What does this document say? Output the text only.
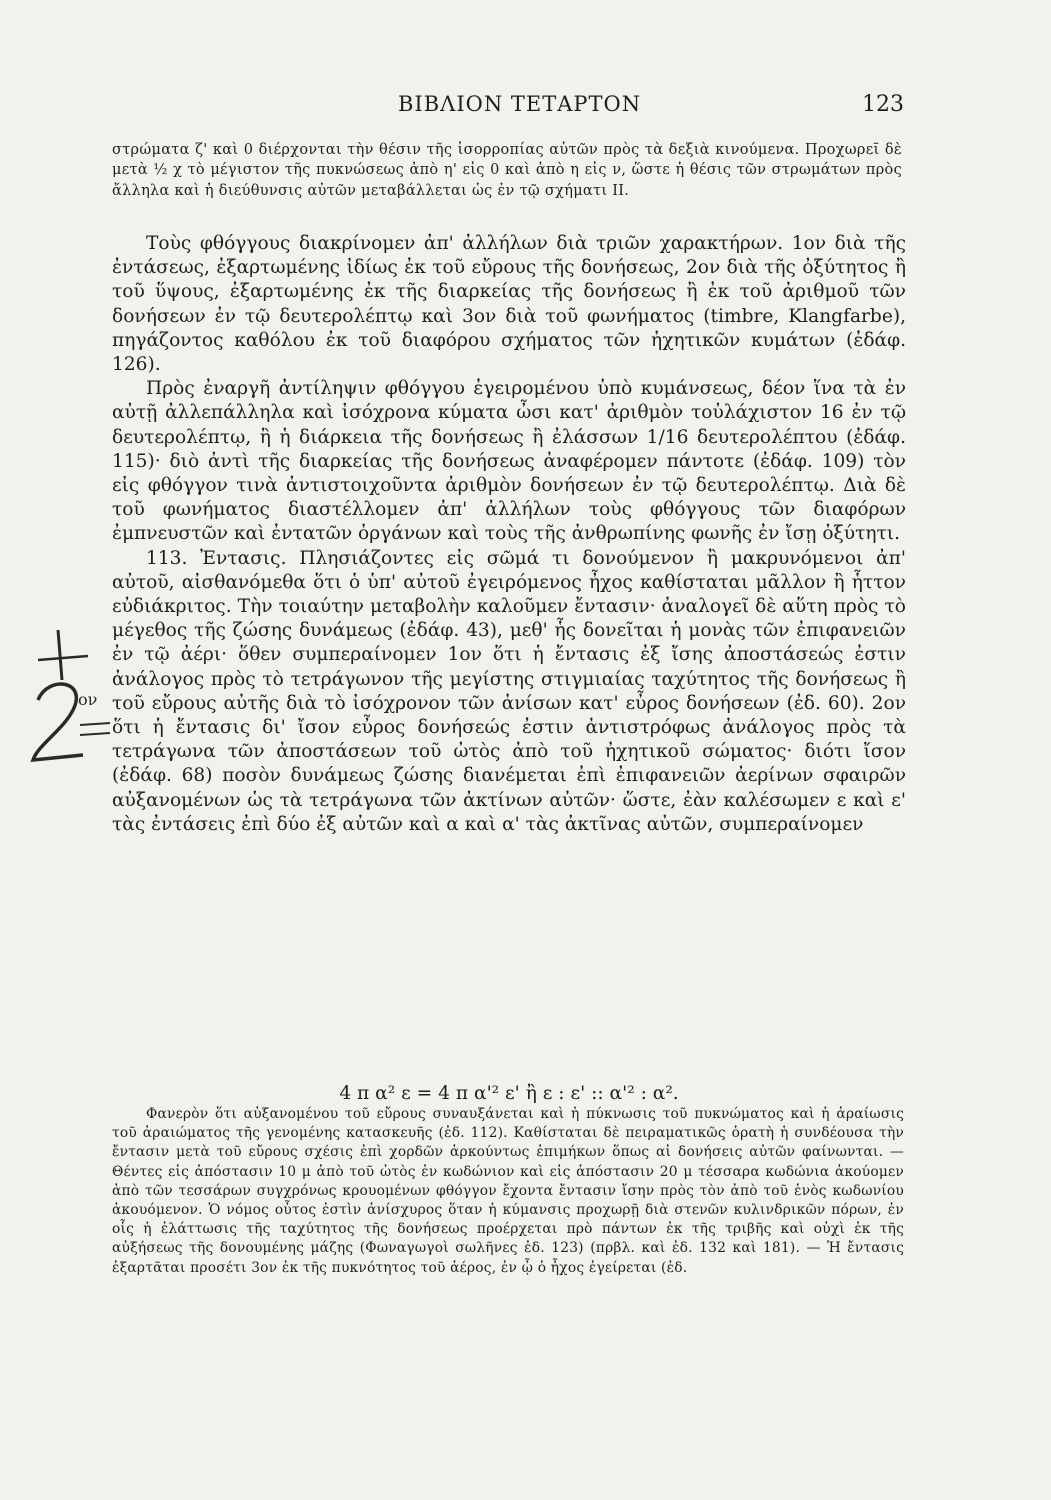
ΒΙΒΛΙΟΝ ΤΕΤΑΡΤΟΝ	123
στρώματα ζ' καὶ 0 διέρχονται τὴν θέσιν τῆς ἰσορροπίας αὐτῶν πρὸς τὰ δεξιὰ κινούμενα. Προχωρεῖ δὲ μετὰ ½ χ τὸ μέγιστον τῆς πυκνώσεως ἀπὸ η' εἰς 0 καὶ ἀπὸ η εἰς ν, ὥστε ἡ θέσις τῶν στρωμάτων πρὸς ἄλληλα καὶ ἡ διεύθυνσις αὐτῶν μεταβάλλεται ὡς ἐν τῷ σχήματι II.

Τοὺς φθόγγους διακρίνομεν ἀπ' ἀλλήλων διὰ τριῶν χαρακτήρων. 1ον διὰ τῆς ἐντάσεως, ἐξαρτωμένης ἰδίως ἐκ τοῦ εὔρους τῆς δονήσεως, 2ον διὰ τῆς ὀξύτητος ἢ τοῦ ὕψους, ἐξαρτωμένης ἐκ τῆς διαρκείας τῆς δονήσεως ἢ ἐκ τοῦ ἀριθμοῦ τῶν δονήσεων ἐν τῷ δευτερολέπτῳ καὶ 3ον διὰ τοῦ φωνήματος (timbre, Klangfarbe), πηγάζοντος καθόλου ἐκ τοῦ διαφόρου σχήματος τῶν ἠχητικῶν κυμάτων (ἐδάφ. 126).

Πρὸς ἐναργῆ ἀντίληψιν φθόγγου ἐγειρομένου ὑπὸ κυμάνσεως, δέον ἵνα τὰ ἐν αὐτῇ ἀλλεπάλληλα καὶ ἰσόχρονα κύματα ὦσι κατ' ἀριθμὸν τοὐλάχιστον 16 ἐν τῷ δευτερολέπτῳ, ἢ ἡ διάρκεια τῆς δονήσεως ἢ ἐλάσσων 1/16 δευτερολέπτου (ἐδάφ. 115)· διὸ ἀντὶ τῆς διαρκείας τῆς δονήσεως ἀναφέρομεν πάντοτε (ἐδάφ. 109) τὸν εἰς φθόγγον τινὰ ἀντιστοιχοῦντα ἀριθμὸν δονήσεων ἐν τῷ δευτερολέπτῳ. Διὰ δὲ τοῦ φωνήματος διαστέλλομεν ἀπ' ἀλλήλων τοὺς φθόγγους τῶν διαφόρων ἐμπνευστῶν καὶ ἐντατῶν ὀργάνων καὶ τοὺς τῆς ἀνθρωπίνης φωνῆς ἐν ἴσῃ ὀξύτητι.

113. Ἐντασις. Πλησιάζοντες εἰς σῶμά τι δονούμενον ἢ μακρυνόμενοι ἀπ' αὐτοῦ, αἰσθανόμεθα ὅτι ὁ ὑπ' αὐτοῦ ἐγειρόμενος ἦχος καθίσταται μᾶλλον ἢ ἧττον εὐδιάκριτος. Τὴν τοιαύτην μεταβολὴν καλοῦμεν ἔντασιν· ἀναλογεῖ δὲ αὕτη πρὸς τὸ μέγεθος τῆς ζώσης δυνάμεως (ἐδάφ. 43), μεθ' ἧς δονεῖται ἡ μονὰς τῶν ἐπιφανειῶν ἐν τῷ ἀέρι· ὅθεν συμπεραίνομεν 1ον ὅτι ἡ ἔντασις ἐξ ἴσης ἀποστάσεώς ἐστιν ἀνάλογος πρὸς τὸ τετράγωνον τῆς μεγίστης στιγμιαίας ταχύτητος τῆς δονήσεως ἢ τοῦ εὔρους αὐτῆς διὰ τὸ ἰσόχρονον τῶν ἀνίσων κατ' εὖρος δονήσεων (ἐδ. 60). 2ον ὅτι ἡ ἔντασις δι' ἴσον εὖρος δονήσεώς ἐστιν ἀντιστρόφως ἀνάλογος πρὸς τὰ τετράγωνα τῶν ἀποστάσεων τοῦ ὠτὸς ἀπὸ τοῦ ἠχητικοῦ σώματος· διότι ἴσον (ἐδάφ. 68) ποσὸν δυνάμεως ζώσης διανέμεται ἐπὶ ἐπιφανειῶν ἀερίνων σφαιρῶν αὐξανομένων ὡς τὰ τετράγωνα τῶν ἀκτίνων αὐτῶν· ὥστε, ἐὰν καλέσωμεν ε καὶ ε' τὰς ἐντάσεις ἐπὶ δύο ἐξ αὐτῶν καὶ α καὶ α' τὰς ἀκτῖνας αὐτῶν, συμπεραίνομεν

4 π α² ε = 4 π α'² ε' ἢ ε : ε' :: α'² : α².
Φανερὸν ὅτι αὐξανομένου τοῦ εὔρους συναυξάνεται καὶ ἡ πύκνωσις τοῦ πυκνώματος καὶ ἡ ἀραίωσις τοῦ ἀραιώματος τῆς γενομένης κατασκευῆς (ἐδ. 112). Καθίσταται δὲ πειραματικῶς ὁρατὴ ἡ συνδέουσα τὴν ἔντασιν μετὰ τοῦ εὔρους σχέσις ἐπὶ χορδῶν ἀρκούντως ἐπιμήκων ὅπως αἱ δονήσεις αὐτῶν φαίνωνται. — Θέντες εἰς ἀπόστασιν 10 μ ἀπὸ τοῦ ὠτὸς ἐν κωδώνιον καὶ εἰς ἀπόστασιν 20 μ τέσσαρα κωδώνια ἀκούομεν ἀπὸ τῶν τεσσάρων συγχρόνως κρουομένων φθόγγον ἔχοντα ἔντασιν ἴσην πρὸς τὸν ἀπὸ τοῦ ἑνὸς κωδωνίου ἀκουόμενον. Ὁ νόμος οὗτος ἐστὶν ἀνίσχυρος ὅταν ἡ κύμανσις προχωρῇ διὰ στενῶν κυλινδρικῶν πόρων, ἐν οἷς ἡ ἐλάττωσις τῆς ταχύτητος τῆς δονήσεως προέρχεται πρὸ πάντων ἐκ τῆς τριβῆς καὶ οὐχὶ ἐκ τῆς αὐξήσεως τῆς δονουμένης μάζης (Φωναγωγοὶ σωλῆνες ἐδ. 123) (πρβλ. καὶ ἐδ. 132 καὶ 181). — Ἡ ἔντασις ἐξαρτᾶται προσέτι 3ον ἐκ τῆς πυκνότητος τοῦ ἀέρος, ἐν ᾧ ὁ ἦχος ἐγείρεται (ἐδ.
ον
